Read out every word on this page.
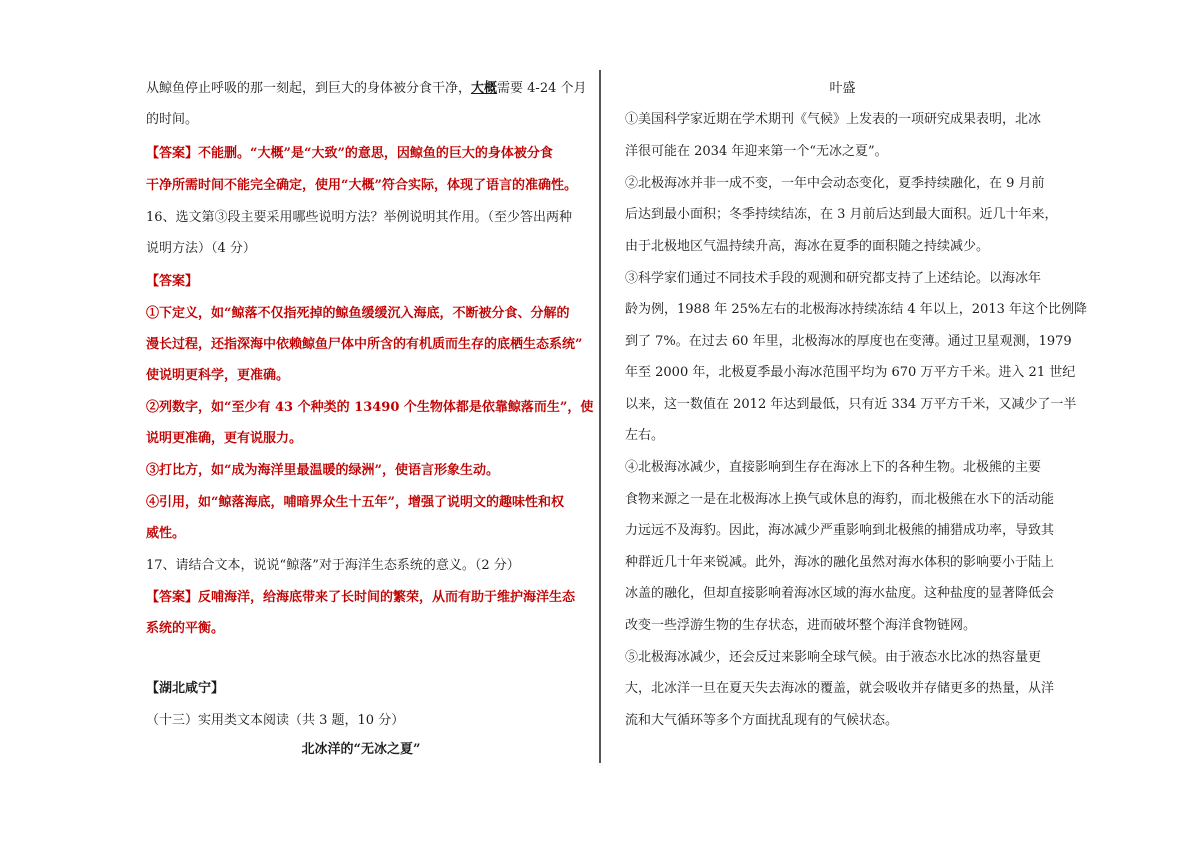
从鲸鱼停止呼吸的那一刻起，到巨大的身体被分食干净，大概需要 4-24 个月
的时间。
【答案】不能删。“大概”是“大致”的意思，因鲸鱼的巨大的身体被分食
干净所需时间不能完全确定，使用“大概”符合实际，体现了语言的准确性。
16、选文第③段主要采用哪些说明方法？举例说明其作用。（至少答出两种
说明方法）（4 分）
【答案】
①下定义，如“鲸落不仅指死掉的鲸鱼缓缓沉入海底，不断被分食、分解的
漫长过程，还指深海中依赖鲸鱼尸体中所含的有机质而生存的底栖生态系统”
使说明更科学，更准确。
②列数字，如“至少有 43 个种类的 13490 个生物体都是依靠鲸落而生”，使
说明更准确，更有说服力。
③打比方，如“成为海洋里最温暖的绿洲”，使语言形象生动。
④引用，如“鲸落海底，哺暗界众生十五年”，增强了说明文的趣味性和权
威性。
17、请结合文本，说说“鲸落”对于海洋生态系统的意义。（2 分）
【答案】反哺海洋，给海底带来了长时间的繁荣，从而有助于维护海洋生态
系统的平衡。
【湖北咸宁】
（十三）实用类文本阅读（共 3 题，10 分）
北冰洋的“无冰之夏”
叶盛
①美国科学家近期在学术期刊《气候》上发表的一项研究成果表明，北冰
洋很可能在 2034 年迎来第一个“无冰之夏”。
②北极海冰并非一成不变，一年中会动态变化，夏季持续融化，在 9 月前
后达到最小面积；冬季持续结冻，在 3 月前后达到最大面积。近几十年来，
由于北极地区气温持续升高，海冰在夏季的面积随之持续减少。
③科学家们通过不同技术手段的观测和研究都支持了上述结论。以海冰年
龄为例，1988 年 25%左右的北极海冰持续冻结 4 年以上，2013 年这个比例降
到了 7%。在过去 60 年里，北极海冰的厚度也在变薄。通过卫星观测，1979
年至 2000 年，北极夏季最小海冰范围平均为 670 万平方千米。进入 21 世纪
以来，这一数值在 2012 年达到最低，只有近 334 万平方千米，又减少了一半
左右。
④北极海冰减少，直接影响到生存在海冰上下的各种生物。北极熊的主要
食物来源之一是在北极海冰上换气或休息的海豹，而北极熊在水下的活动能
力远远不及海豹。因此，海冰减少严重影响到北极熊的捕猎成功率，导致其
种群近几十年来锐减。此外，海冰的融化虽然对海水体积的影响要小于陆上
冰盖的融化，但却直接影响着海冰区域的海水盐度。这种盐度的显著降低会
改变一些浮游生物的生存状态，进而破坏整个海洋食物链网。
⑤北极海冰减少，还会反过来影响全球气候。由于液态水比冰的热容量更
大，北冰洋一旦在夏天失去海冰的覆盖，就会吸收并存储更多的热量，从洋
流和大气循环等多个方面扰乱现有的气候状态。
